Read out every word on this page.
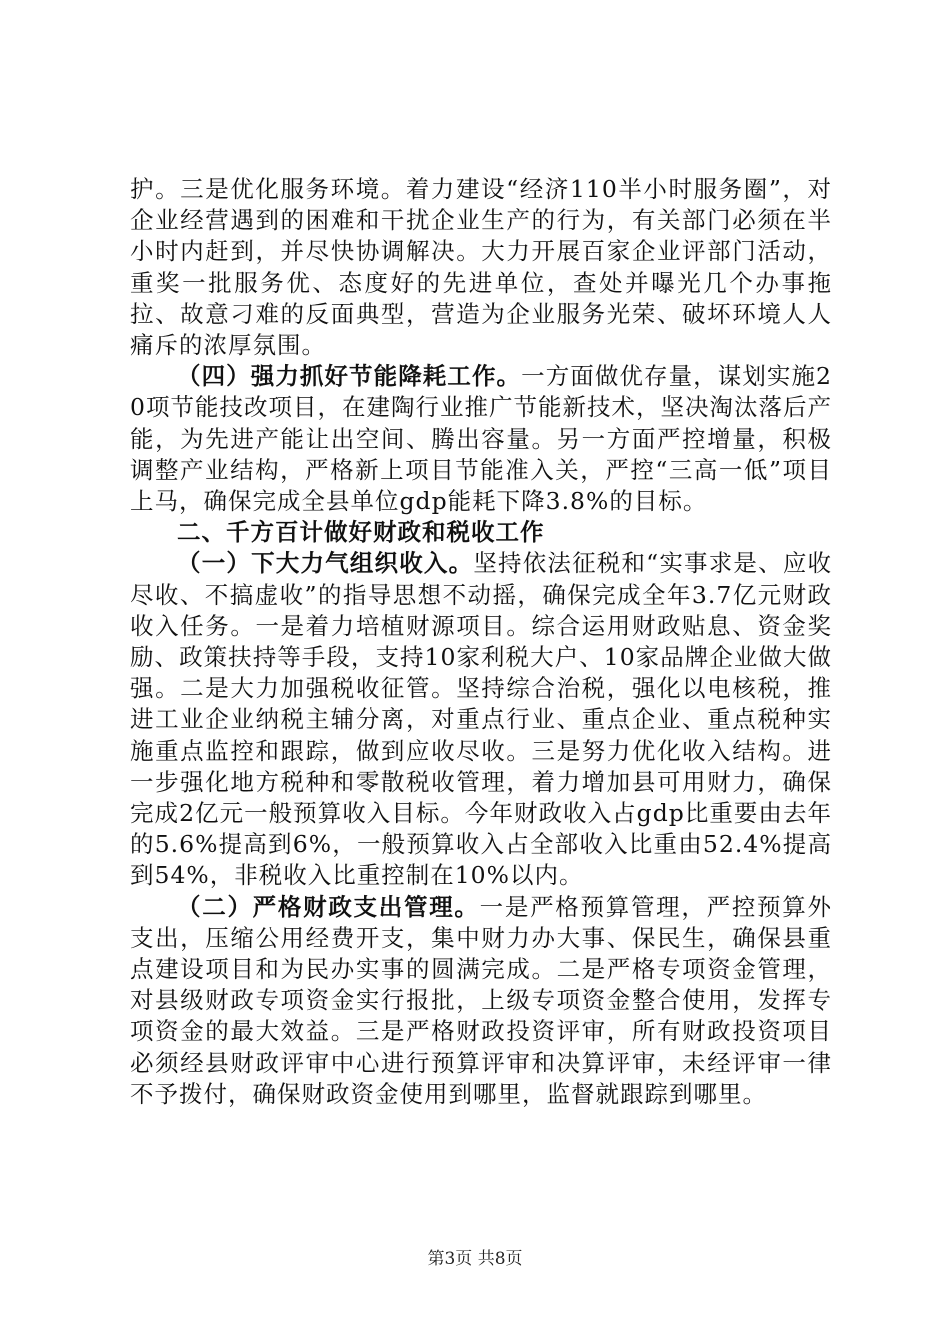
护。三是优化服务环境。着力建设“经济110半小时服务圈”，对企业经营遇到的困难和干扰企业生产的行为，有关部门必须在半小时内赶到，并尽快协调解决。大力开展百家企业评部门活动，重奖一批服务优、态度好的先进单位，查处并曝光几个办事拖拉、故意刁难的反面典型，营造为企业服务光荣、破坏环境人人痛斥的浓厚氛围。

（四）强力抓好节能降耗工作。一方面做优存量，谋划实施20项节能技改项目，在建陶行业推广节能新技术，坚决淘汰落后产能，为先进产能让出空间、腾出容量。另一方面严控增量，积极调整产业结构，严格新上项目节能准入关，严控“三高一低”项目上马，确保完成全县单位gdp能耗下降3.8%的目标。

二、千方百计做好财政和税收工作

（一）下大力气组织收入。坚持依法征税和“实事求是、应收尽收、不搞虚收”的指导思想不动摇，确保完成全年3.7亿元财政收入任务。一是着力培植财源项目。综合运用财政贴息、资金奖励、政策扶持等手段，支持10家利税大户、10家品牌企业做大做强。二是大力加强税收征管。坚持综合治税，强化以电核税，推进工业企业纳税主辅分离，对重点行业、重点企业、重点税种实施重点监控和跟踪，做到应收尽收。三是努力优化收入结构。进一步强化地方税种和零散税收管理，着力增加县可用财力，确保完成2亿元一般预算收入目标。今年财政收入占gdp比重要由去年的5.6%提高到6%，一般预算收入占全部收入比重由52.4%提高到54%，非税收入比重控制在10%以内。

（二）严格财政支出管理。一是严格预算管理，严控预算外支出，压缩公用经费开支，集中财力办大事、保民生，确保县重点建设项目和为民办实事的圆满完成。二是严格专项资金管理，对县级财政专项资金实行报批，上级专项资金整合使用，发挥专项资金的最大效益。三是严格财政投资评审，所有财政投资项目必须经县财政评审中心进行预算评审和决算评审，未经评审一律不予拨付，确保财政资金使用到哪里，监督就跟踪到哪里。

第3页 共8页
